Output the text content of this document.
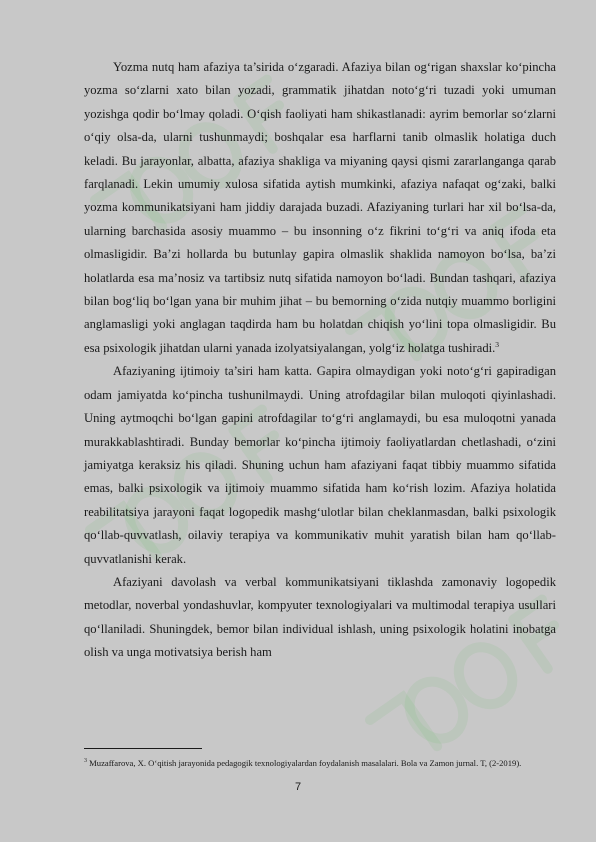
Yozma nutq ham afaziya ta’sirida o‘zgaradi. Afaziya bilan og‘rigan shaxslar ko‘pincha yozma so‘zlarni xato bilan yozadi, grammatik jihatdan noto‘g‘ri tuzadi yoki umuman yozishga qodir bo‘lmay qoladi. O‘qish faoliyati ham shikastlanadi: ayrim bemorlar so‘zlarni o‘qiy olsa-da, ularni tushunmaydi; boshqalar esa harflarni tanib olmaslik holatiga duch keladi. Bu jarayonlar, albatta, afaziya shakliga va miyaning qaysi qismi zararlanganga qarab farqlanadi. Lekin umumiy xulosa sifatida aytish mumkinki, afaziya nafaqat og‘zaki, balki yozma kommunikatsiyani ham jiddiy darajada buzadi. Afaziyaning turlari har xil bo‘lsa-da, ularning barchasida asosiy muammo – bu insonning o‘z fikrini to‘g‘ri va aniq ifoda eta olmasligidir. Ba’zi hollarda bu butunlay gapira olmaslik shaklida namoyon bo‘lsa, ba’zi holatlarda esa ma’nosiz va tartibsiz nutq sifatida namoyon bo‘ladi. Bundan tashqari, afaziya bilan bog‘liq bo‘lgan yana bir muhim jihat – bu bemorning o‘zida nutqiy muammo borligini anglamasligi yoki anglagan taqdirda ham bu holatdan chiqish yo‘lini topa olmasligidir. Bu esa psixologik jihatdan ularni yanada izolyatsiyalangan, yolg‘iz holatga tushiradi.$^3$

Afaziyaning ijtimoiy ta’siri ham katta. Gapira olmaydigan yoki noto‘g‘ri gapiradigan odam jamiyatda ko‘pincha tushunilmaydi. Uning atrofdagilar bilan muloqoti qiyinlashadi. Uning aytmoqchi bo‘lgan gapini atrofdagilar to‘g‘ri anglamaydi, bu esa muloqotni yanada murakkablashtiradi. Bunday bemorlar ko‘pincha ijtimoiy faoliyatlardan chetlashadi, o‘zini jamiyatga keraksiz his qiladi. Shuning uchun ham afaziyani faqat tibbiy muammo sifatida emas, balki psixologik va ijtimoiy muammo sifatida ham ko‘rish lozim. Afaziya holatida reabilitatsiya jarayoni faqat logopedik mashg‘ulotlar bilan cheklanmasdan, balki psixologik qo‘llab-quvvatlash, oilaviy terapiya va kommunikativ muhit yaratish bilan ham qo‘llab-quvvatlanishi kerak.

Afaziyani davolash va verbal kommunikatsiyani tiklashda zamonaviy logopedik metodlar, noverbal yondashuvlar, kompyuter texnologiyalari va multimodal terapiya usullari qo‘llaniladi. Shuningdek, bemor bilan individual ishlash, uning psixologik holatini inobatga olish va unga motivatsiya berish ham

$^3$ Muzaffarova, X. O‘qitish jarayonida pedagogik texnologiyalardan foydalanish masalalari. Bola va Zamon jurnal. T, (2-2019).

7
